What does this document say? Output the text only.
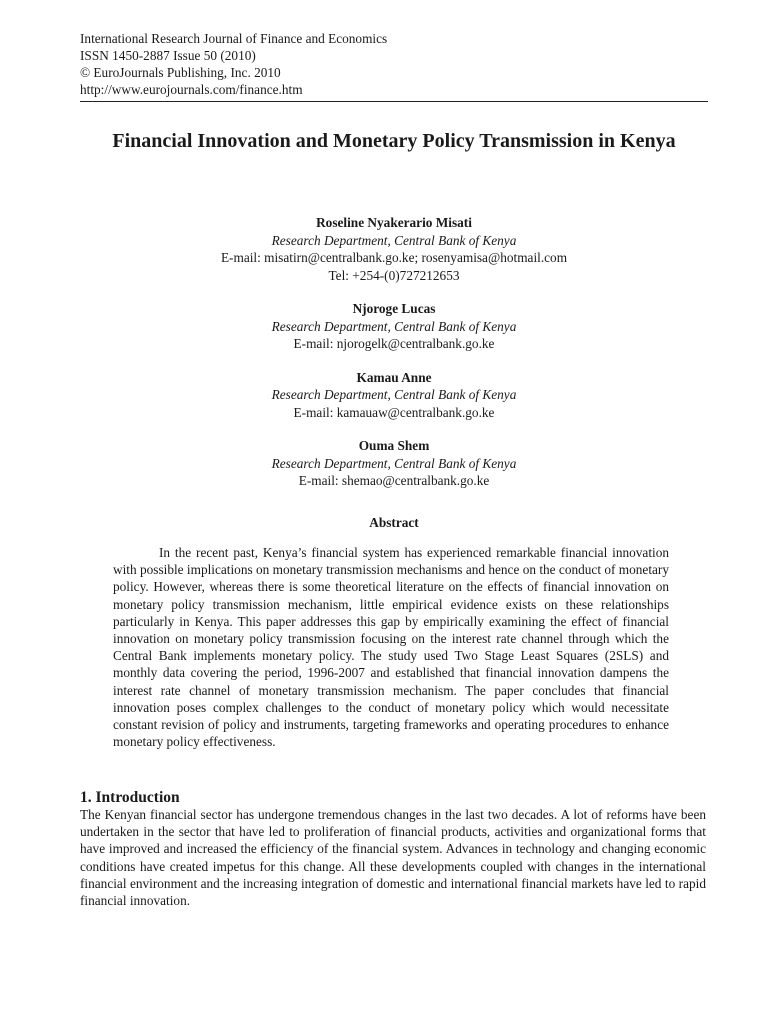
International Research Journal of Finance and Economics
ISSN 1450-2887 Issue 50 (2010)
© EuroJournals Publishing, Inc. 2010
http://www.eurojournals.com/finance.htm
Financial Innovation and Monetary Policy Transmission in Kenya
Roseline Nyakerario Misati
Research Department, Central Bank of Kenya
E-mail: misatirn@centralbank.go.ke; rosenyamisa@hotmail.com
Tel: +254-(0)727212653
Njoroge Lucas
Research Department, Central Bank of Kenya
E-mail: njorogelk@centralbank.go.ke
Kamau Anne
Research Department, Central Bank of Kenya
E-mail: kamauaw@centralbank.go.ke
Ouma Shem
Research Department, Central Bank of Kenya
E-mail: shemao@centralbank.go.ke
Abstract

In the recent past, Kenya’s financial system has experienced remarkable financial innovation with possible implications on monetary transmission mechanisms and hence on the conduct of monetary policy. However, whereas there is some theoretical literature on the effects of financial innovation on monetary policy transmission mechanism, little empirical evidence exists on these relationships particularly in Kenya. This paper addresses this gap by empirically examining the effect of financial innovation on monetary policy transmission focusing on the interest rate channel through which the Central Bank implements monetary policy. The study used Two Stage Least Squares (2SLS) and monthly data covering the period, 1996-2007 and established that financial innovation dampens the interest rate channel of monetary transmission mechanism. The paper concludes that financial innovation poses complex challenges to the conduct of monetary policy which would necessitate constant revision of policy and instruments, targeting frameworks and operating procedures to enhance monetary policy effectiveness.

1. Introduction

The Kenyan financial sector has undergone tremendous changes in the last two decades. A lot of reforms have been undertaken in the sector that have led to proliferation of financial products, activities and organizational forms that have improved and increased the efficiency of the financial system. Advances in technology and changing economic conditions have created impetus for this change. All these developments coupled with changes in the international financial environment and the increasing integration of domestic and international financial markets have led to rapid financial innovation.
